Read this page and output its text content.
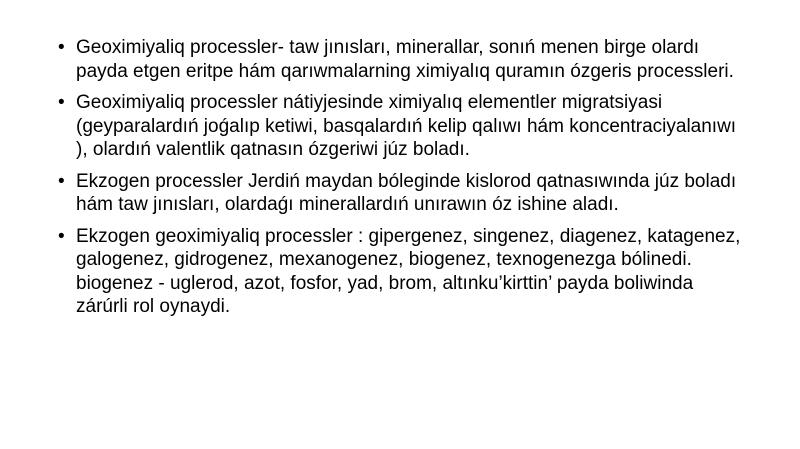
• Geoximiyaliq processler- taw jınısları, minerallar, sonıń menen birge olardı payda etgen eritpe hám qarıwmalarning ximiyalıq quramın ózgeris processleri.
• Geoximiyaliq processler nátiyjesinde ximiyalıq elementler migratsiyasi (geyparalardıń joǵalıp ketiwi, basqalardıń kelip qalıwı hám koncentraciyalanıwı ), olardıń valentlik qatnasın ózgeriwi júz boladı.
• Ekzogen processler Jerdiń maydan bóleginde kislorod qatnasıwında júz boladı hám taw jınısları, olardaǵı minerallardıń unırawın óz ishine aladı.
• Ekzogen geoximiyaliq processler : gipergenez, singenez, diagenez, katagenez, galogenez, gidrogenez, mexanogenez, biogenez, texnogenezga bólinedi. biogenez - uglerod, azot, fosfor, yad, brom, altınku’kirttin’ payda boliwinda zárúrli rol oynaydi.
